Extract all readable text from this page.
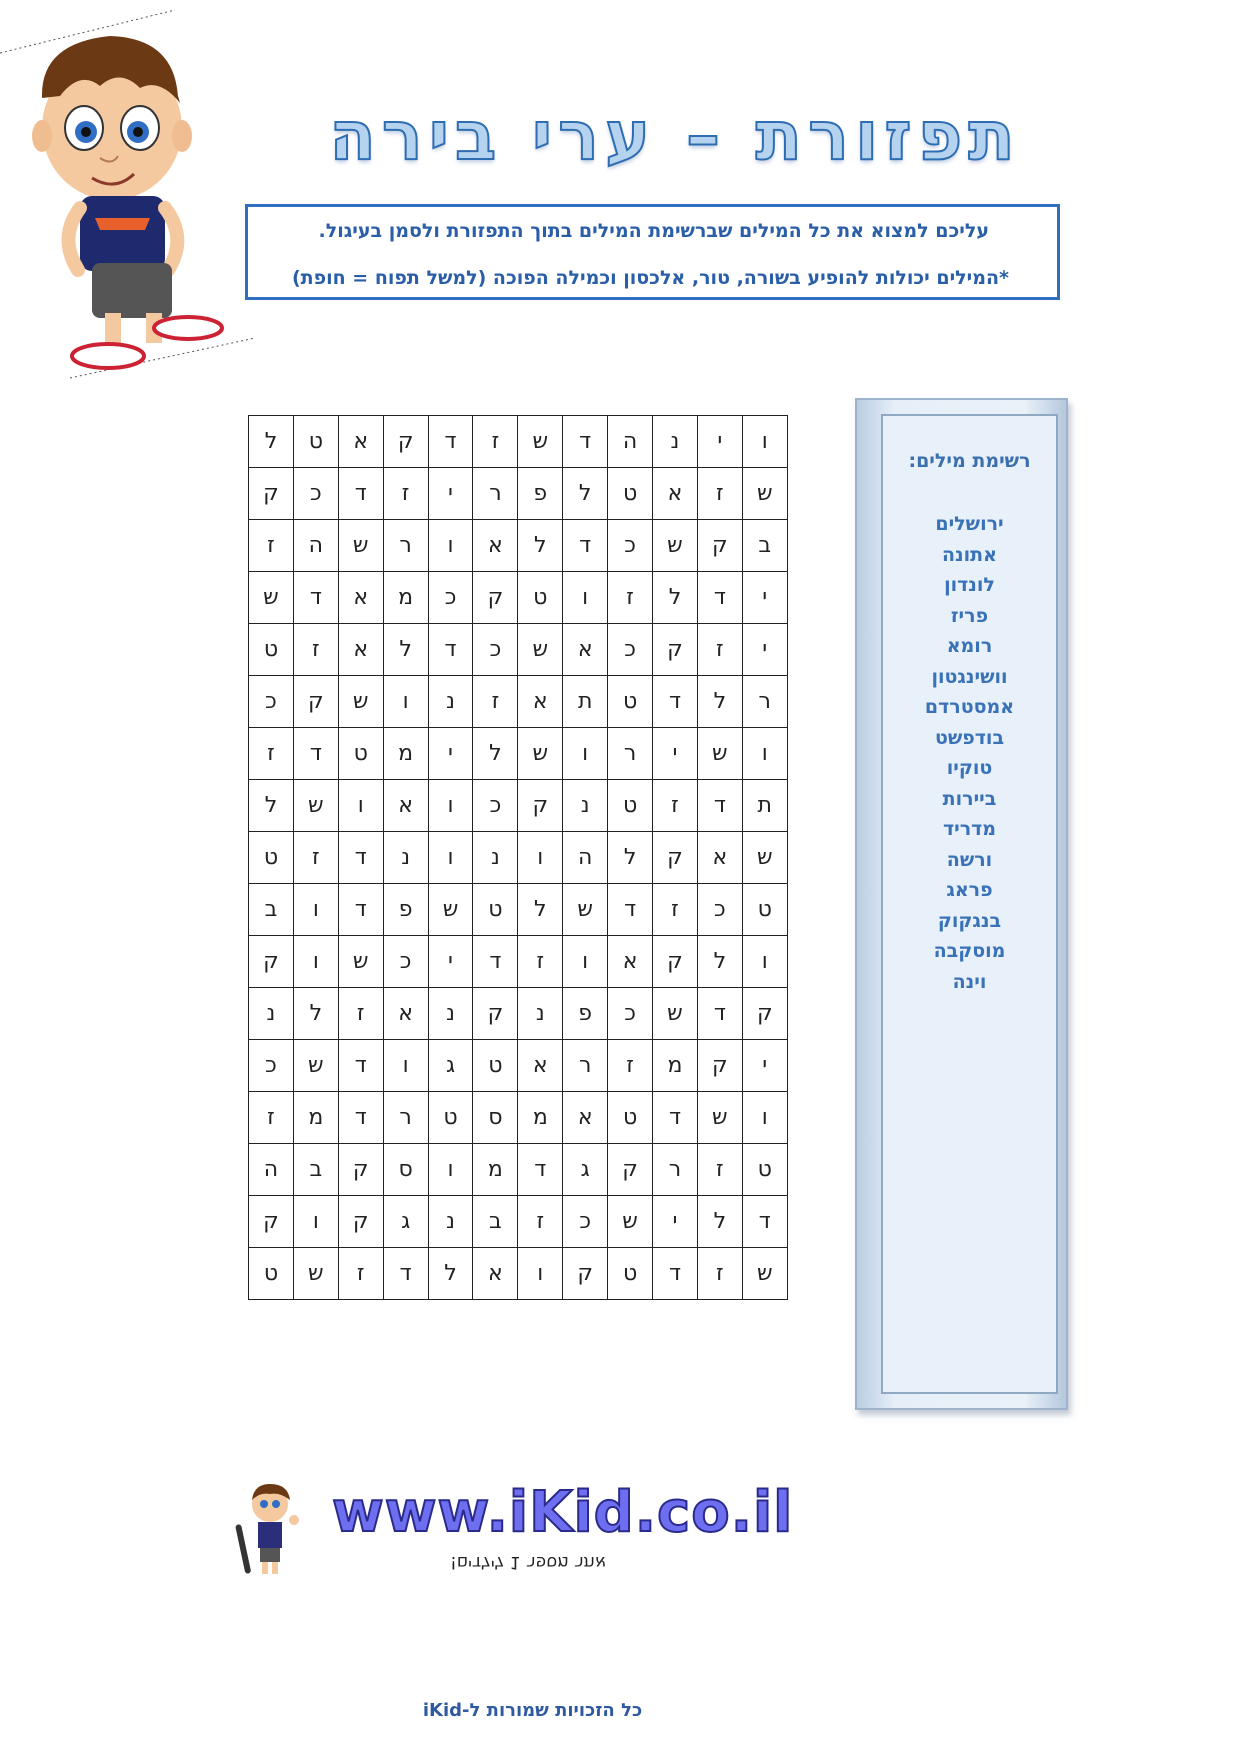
תפזורת – ערי בירה
עליכם למצוא את כל המילים שברשימת המילים בתוך התפזורת ולסמן בעיגול.
*המילים יכולות להופיע בשורה, טור, אלכסון וכמילה הפוכה (למשל תפוח = חופת)
ו	י	נ	ה	ד	ש	ז	ד	ק	א	ט	ל
ש	ז	א	ט	ל	פ	ר	י	ז	ד	כ	ק
ב	ק	ש	כ	ד	ל	א	ו	ר	ש	ה	ז
י	ד	ל	ז	ו	ט	ק	כ	מ	א	ד	ש
י	ז	ק	כ	א	ש	כ	ד	ל	א	ז	ט
ר	ל	ד	ט	ת	א	ז	נ	ו	ש	ק	כ
ו	ש	י	ר	ו	ש	ל	י	מ	ט	ד	ז
ת	ד	ז	ט	נ	ק	כ	ו	א	ו	ש	ל
ש	א	ק	ל	ה	ו	נ	ו	נ	ד	ז	ט
ט	כ	ז	ד	ש	ל	ט	ש	פ	ד	ו	ב
ו	ל	ק	א	ו	ז	ד	י	כ	ש	ו	ק
ק	ד	ש	כ	פ	נ	ק	נ	א	ז	ל	נ
י	ק	מ	ז	ר	א	ט	ג	ו	ד	ש	כ
ו	ש	ד	ט	א	מ	ס	ט	ר	ד	מ	ז
ט	ז	ר	ק	ג	ד	מ	ו	ס	ק	ב	ה
ד	ל	י	ש	כ	ז	ב	נ	ג	ק	ו	ק
ש	ז	ד	ט	ק	ו	א	ל	ד	ז	ש	ט
רשימת מילים:
ירושלים
אתונה
לונדון
פריז
רומא
וושינגטון
אמסטרדם
בודפשט
טוקיו
ביירות
מדריד
ורשה
פראג
בנגקוק
מוסקבה
וינה
www.iKid.co.il
אתר מספר 1 לילדים!
כל הזכויות שמורות ל-iKid
